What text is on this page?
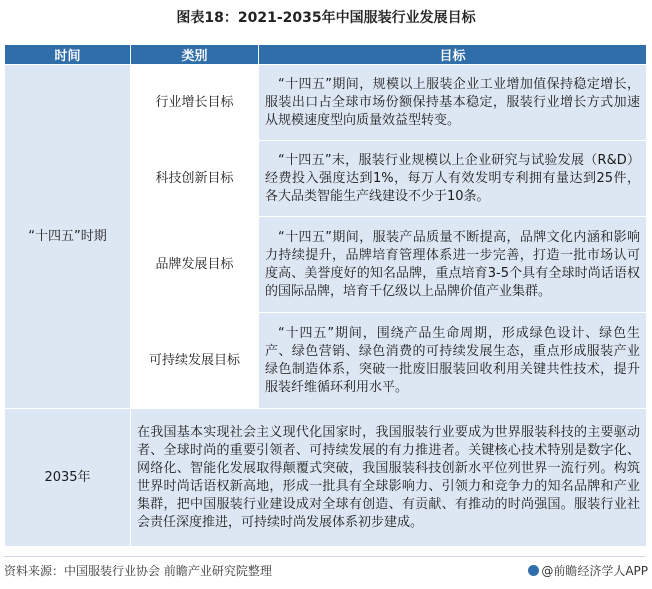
图表18：2021-2035年中国服装行业发展目标
时间	类别	目标
“十四五”时期	行业增长目标	“十四五”期间，规模以上服装企业工业增加值保持稳定增长，服装出口占全球市场份额保持基本稳定，服装行业增长方式加速从规模速度型向质量效益型转变。
	科技创新目标	“十四五”末，服装行业规模以上企业研究与试验发展（R&D）经费投入强度达到1%，每万人有效发明专利拥有量达到25件，各大品类智能生产线建设不少于10条。
	品牌发展目标	“十四五”期间，服装产品质量不断提高，品牌文化内涵和影响力持续提升，品牌培育管理体系进一步完善，打造一批市场认可度高、美誉度好的知名品牌，重点培育3-5个具有全球时尚话语权的国际品牌，培育千亿级以上品牌价值产业集群。
	可持续发展目标	“十四五”期间，围绕产品生命周期，形成绿色设计、绿色生产、绿色营销、绿色消费的可持续发展生态，重点形成服装产业绿色制造体系，突破一批废旧服装回收利用关键共性技术，提升服装纤维循环利用水平。
2035年	在我国基本实现社会主义现代化国家时，我国服装行业要成为世界服装科技的主要驱动者、全球时尚的重要引领者、可持续发展的有力推进者。关键核心技术特别是数字化、网络化、智能化发展取得颠覆式突破，我国服装科技创新水平位列世界一流行列。构筑世界时尚话语权新高地，形成一批具有全球影响力、引领力和竞争力的知名品牌和产业集群，把中国服装行业建设成对全球有创造、有贡献、有推动的时尚强国。服装行业社会责任深度推进，可持续时尚发展体系初步建成。	
资料来源：中国服装行业协会 前瞻产业研究院整理	@前瞻经济学人APP
